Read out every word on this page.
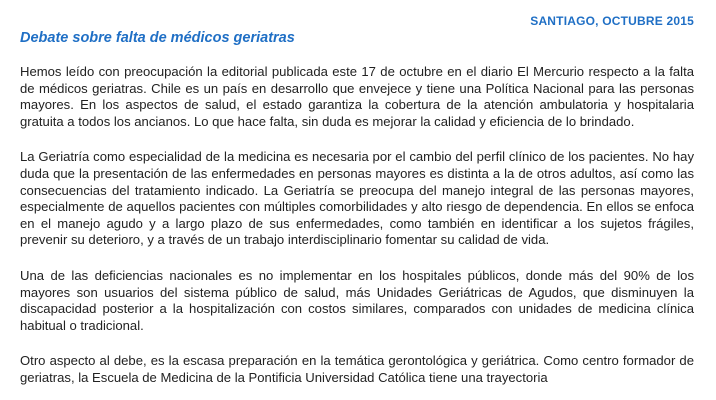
SANTIAGO, OCTUBRE 2015
Debate sobre falta de médicos geriatras

Hemos leído con preocupación la editorial publicada este 17 de octubre en el diario El Mercurio respecto a la falta de médicos geriatras. Chile es un país en desarrollo que envejece y tiene una Política Nacional para las personas mayores. En los aspectos de salud, el estado garantiza la cobertura de la atención ambulatoria y hospitalaria gratuita a todos los ancianos. Lo que hace falta, sin duda es mejorar la calidad y eficiencia de lo brindado.

La Geriatría como especialidad de la medicina es necesaria por el cambio del perfil clínico de los pacientes. No hay duda que la presentación de las enfermedades en personas mayores es distinta a la de otros adultos, así como las consecuencias del tratamiento indicado. La Geriatría se preocupa del manejo integral de las personas mayores, especialmente de aquellos pacientes con múltiples comorbilidades y alto riesgo de dependencia. En ellos se enfoca en el manejo agudo y a largo plazo de sus enfermedades, como también en identificar a los sujetos frágiles, prevenir su deterioro, y a través de un trabajo interdisciplinario fomentar su calidad de vida.

Una de las deficiencias nacionales es no implementar en los hospitales públicos, donde más del 90% de los mayores son usuarios del sistema público de salud, más Unidades Geriátricas de Agudos, que disminuyen la discapacidad posterior a la hospitalización con costos similares, comparados con unidades de medicina clínica habitual o tradicional.

Otro aspecto al debe, es la escasa preparación en la temática gerontológica y geriátrica. Como centro formador de geriatras, la Escuela de Medicina de la Pontificia Universidad Católica tiene una trayectoria
